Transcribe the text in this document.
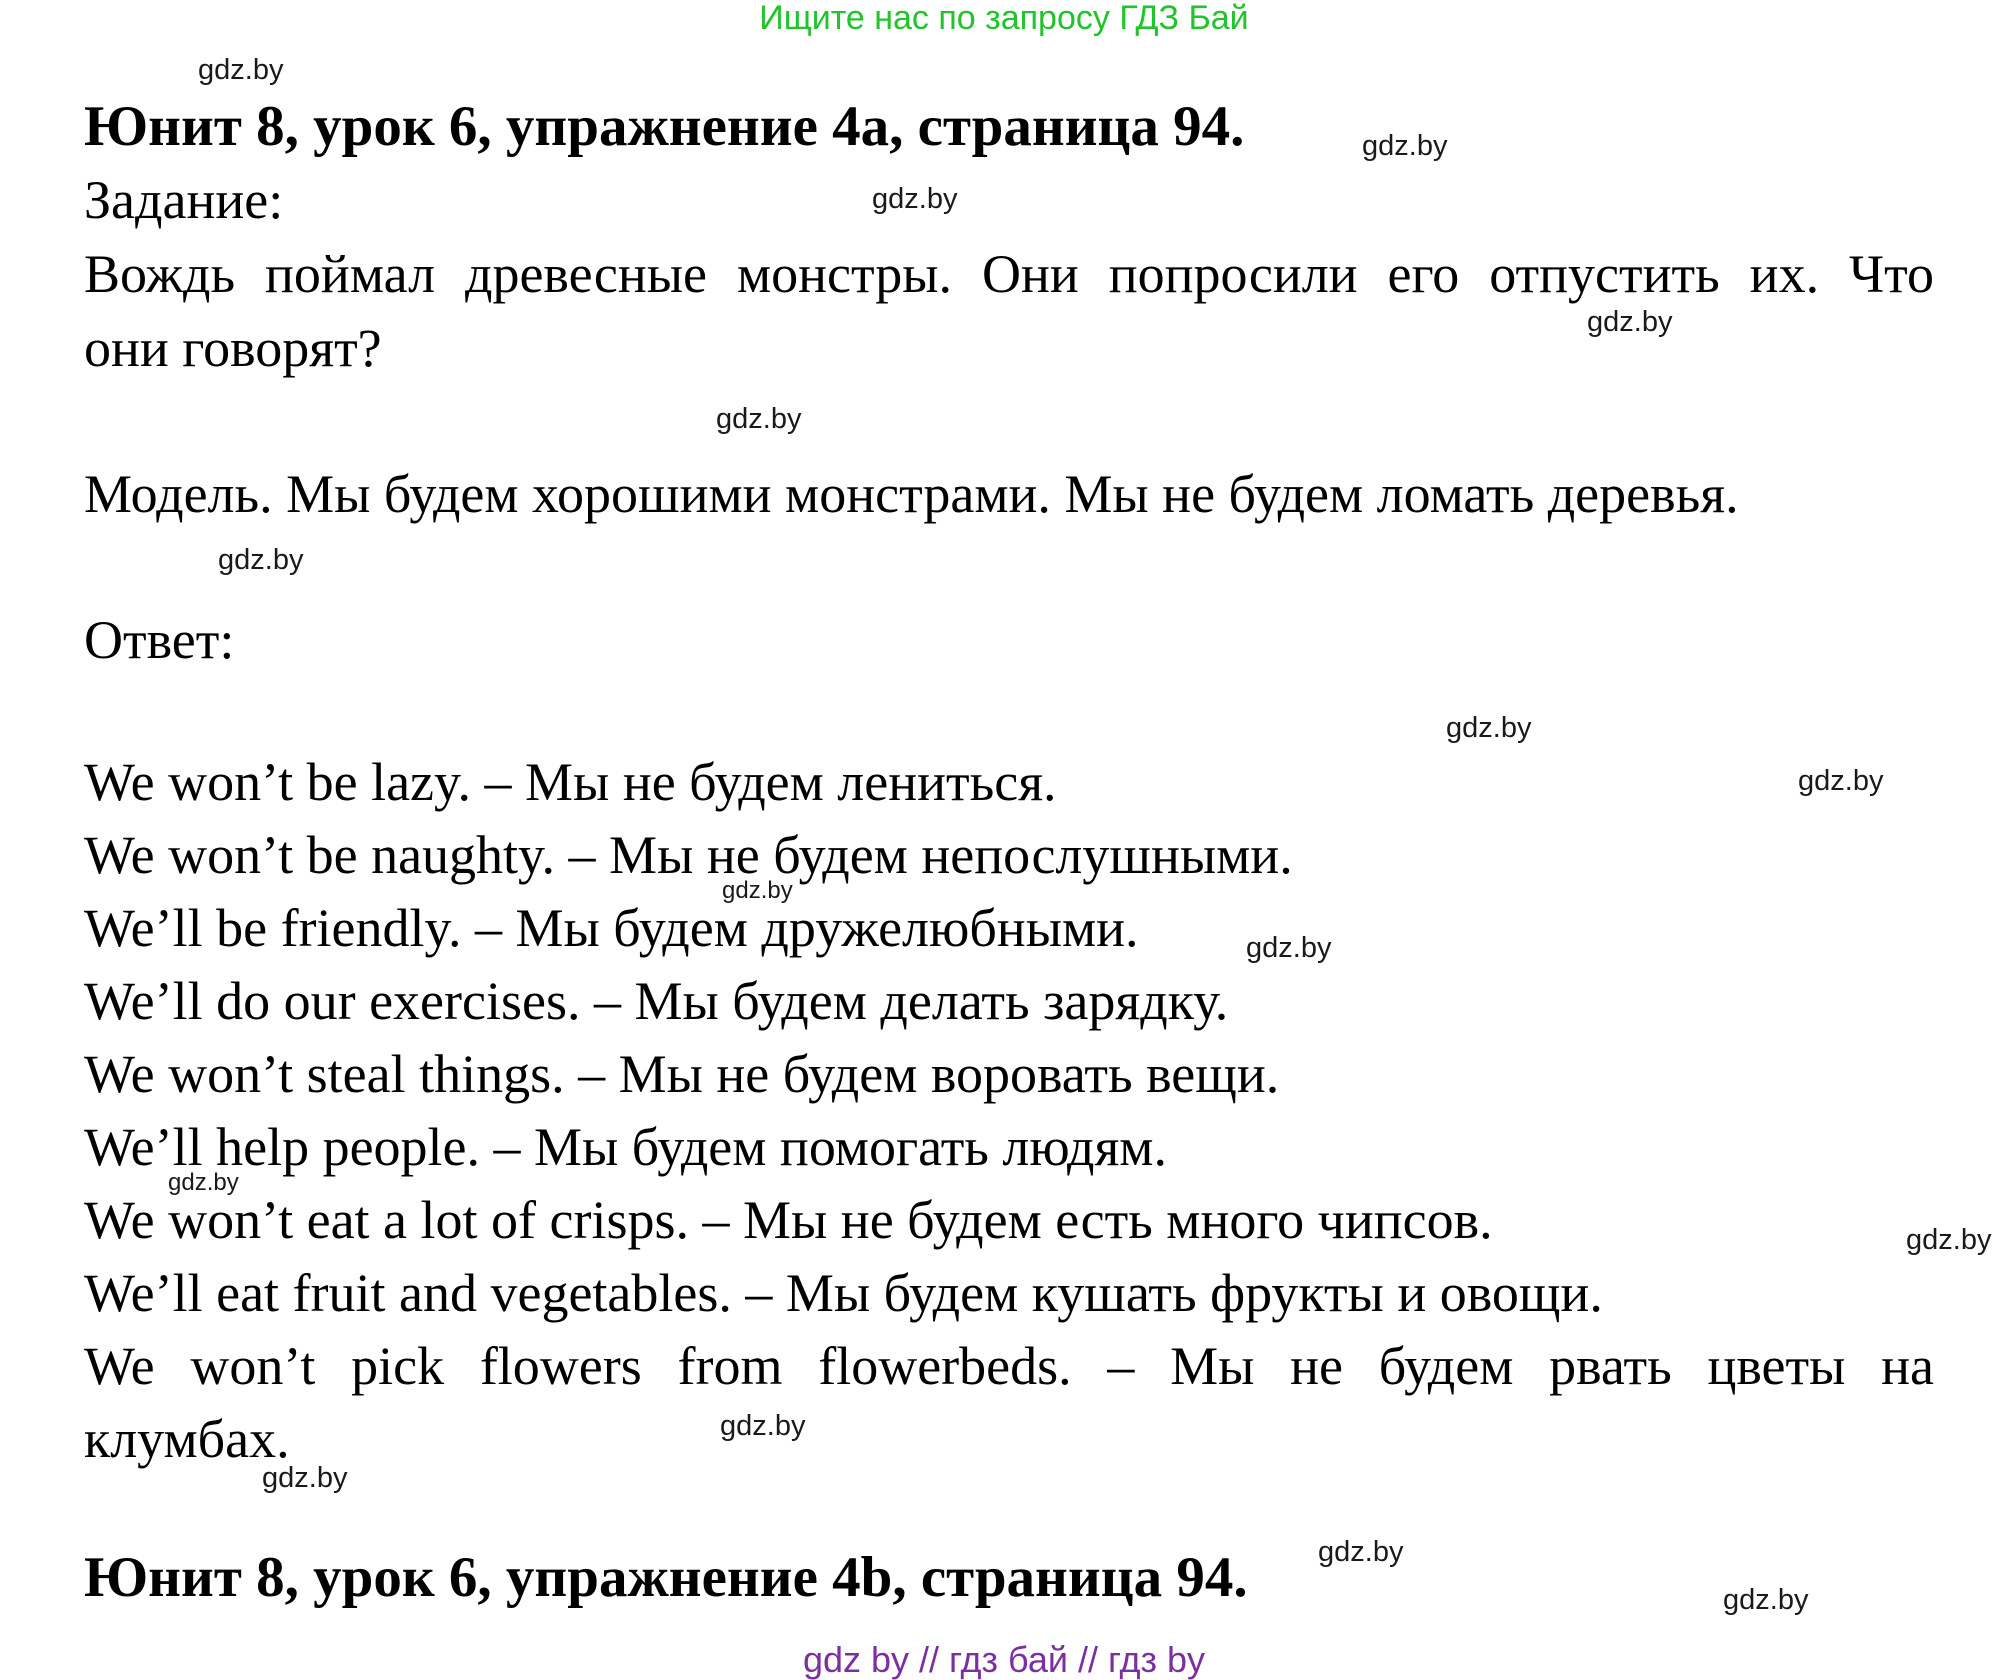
Ищите нас по запросу ГДЗ Бай
Юнит 8, урок 6, упражнение 4a, страница 94.
Задание:
Вождь поймал древесные монстры. Они попросили его отпустить их. Что
они говорят?
Модель. Мы будем хорошими монстрами. Мы не будем ломать деревья.
Ответ:
We won’t be lazy. – Мы не будем лениться.
We won’t be naughty. – Мы не будем непослушными.
We’ll be friendly. – Мы будем дружелюбными.
We’ll do our exercises. – Мы будем делать зарядку.
We won’t steal things. – Мы не будем воровать вещи.
We’ll help people. – Мы будем помогать людям.
We won’t eat a lot of crisps. – Мы не будем есть много чипсов.
We’ll eat fruit and vegetables. – Мы будем кушать фрукты и овощи.
We won’t pick flowers from flowerbeds. – Мы не будем рвать цветы на
клумбах.
Юнит 8, урок 6, упражнение 4b, страница 94.
gdz.by
gdz.by
gdz.by
gdz.by
gdz.by
gdz.by
gdz.by
gdz.by
gdz.by
gdz.by
gdz.by
gdz.by
gdz.by
gdz.by
gdz.by
gdz.by
gdz by // гдз бай // гдз by
